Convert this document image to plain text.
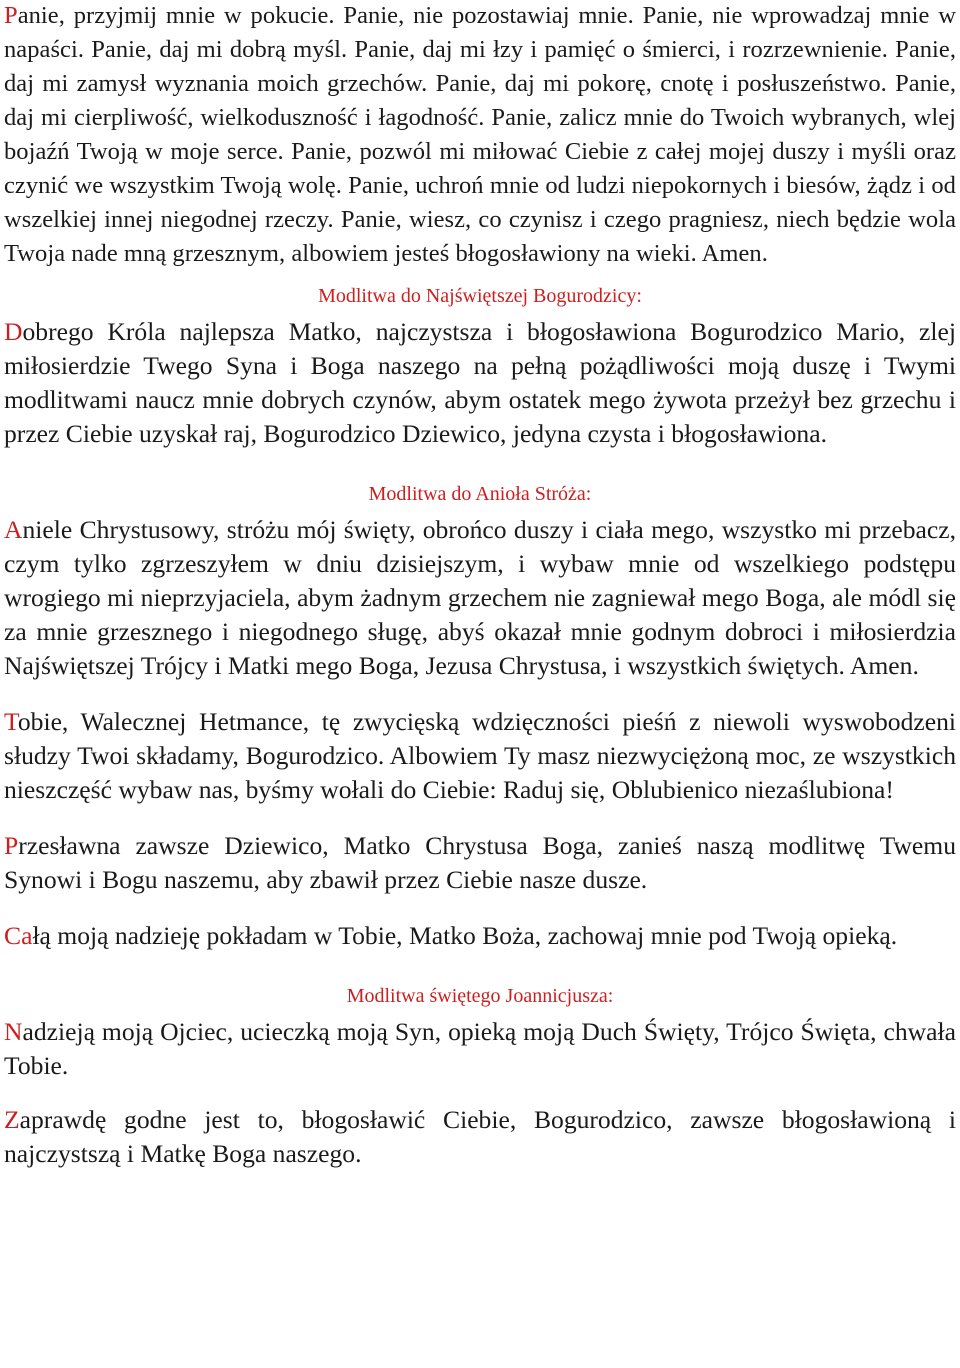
Panie, przyjmij mnie w pokucie. Panie, nie pozostawiaj mnie. Panie, nie wprowadzaj mnie w napaści. Panie, daj mi dobrą myśl. Panie, daj mi łzy i pamięć o śmierci, i rozrzewnienie. Panie, daj mi zamysł wyznania moich grzechów. Panie, daj mi pokorę, cnotę i posłuszeństwo. Panie, daj mi cierpliwość, wielkoduszność i łagodność. Panie, zalicz mnie do Twoich wybranych, wlej bojaźń Twoją w moje serce. Panie, pozwól mi miłować Ciebie z całej mojej duszy i myśli oraz czynić we wszystkim Twoją wolę. Panie, uchroń mnie od ludzi niepokornych i biesów, żądz i od wszelkiej innej niegodnej rzeczy. Panie, wiesz, co czynisz i czego pragniesz, niech będzie wola Twoja nade mną grzesznym, albowiem jesteś błogosławiony na wieki. Amen.

Modlitwa do Najświętszej Bogurodzicy:

Dobrego Króla najlepsza Matko, najczystsza i błogosławiona Bogurodzico Mario, zlej miłosierdzie Twego Syna i Boga naszego na pełną pożądliwości moją duszę i Twymi modlitwami naucz mnie dobrych czynów, abym ostatek mego żywota przeżył bez grzechu i przez Ciebie uzyskał raj, Bogurodzico Dziewico, jedyna czysta i błogosławiona.

Modlitwa do Anioła Stróża:

Aniele Chrystusowy, stróżu mój święty, obrońco duszy i ciała mego, wszystko mi przebacz, czym tylko zgrzeszyłem w dniu dzisiejszym, i wybaw mnie od wszelkiego podstępu wrogiego mi nieprzyjaciela, abym żadnym grzechem nie zagniewał mego Boga, ale módl się za mnie grzesznego i niegodnego sługę, abyś okazał mnie godnym dobroci i miłosierdzia Najświętszej Trójcy i Matki mego Boga, Jezusa Chrystusa, i wszystkich świętych. Amen.

Tobie, Walecznej Hetmance, tę zwycięską wdzięczności pieśń z niewoli wyswobodzeni słudzy Twoi składamy, Bogurodzico. Albowiem Ty masz niezwyciężoną moc, ze wszystkich nieszczęść wybaw nas, byśmy wołali do Ciebie: Raduj się, Oblubienico niezaślubiona!

Przesławna zawsze Dziewico, Matko Chrystusa Boga, zanieś naszą modlitwę Twemu Synowi i Bogu naszemu, aby zbawił przez Ciebie nasze dusze.

Całą moją nadzieję pokładam w Tobie, Matko Boża, zachowaj mnie pod Twoją opieką.

Modlitwa świętego Joannicjusza:

Nadzieją moją Ojciec, ucieczką moją Syn, opieką moją Duch Święty, Trójco Święta, chwała Tobie.

Zaprawdę godne jest to, błogosławić Ciebie, Bogurodzico, zawsze błogosławioną i najczystszą i Matkę Boga naszego.
